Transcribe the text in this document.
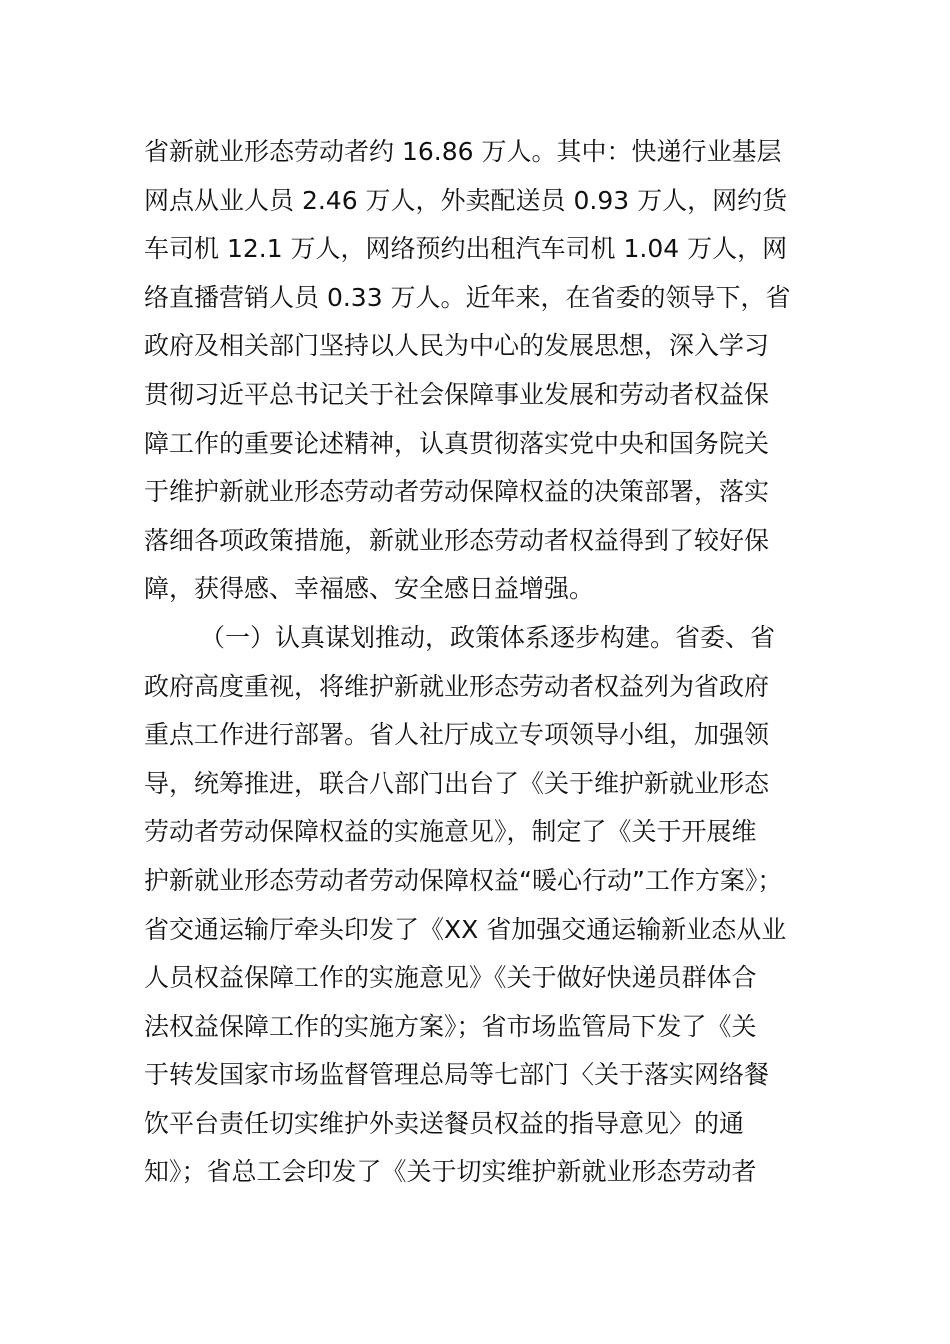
省新就业形态劳动者约 16.86 万人。其中：快递行业基层
网点从业人员 2.46 万人，外卖配送员 0.93 万人，网约货
车司机 12.1 万人，网络预约出租汽车司机 1.04 万人，网
络直播营销人员 0.33 万人。近年来，在省委的领导下，省
政府及相关部门坚持以人民为中心的发展思想，深入学习
贯彻习近平总书记关于社会保障事业发展和劳动者权益保
障工作的重要论述精神，认真贯彻落实党中央和国务院关
于维护新就业形态劳动者劳动保障权益的决策部署，落实
落细各项政策措施，新就业形态劳动者权益得到了较好保
障，获得感、幸福感、安全感日益增强。
（一）认真谋划推动，政策体系逐步构建。省委、省
政府高度重视，将维护新就业形态劳动者权益列为省政府
重点工作进行部署。省人社厅成立专项领导小组，加强领
导，统筹推进，联合八部门出台了《关于维护新就业形态
劳动者劳动保障权益的实施意见》，制定了《关于开展维
护新就业形态劳动者劳动保障权益“暖心行动”工作方案》；
省交通运输厅牵头印发了《XX 省加强交通运输新业态从业
人员权益保障工作的实施意见》《关于做好快递员群体合
法权益保障工作的实施方案》；省市场监管局下发了《关
于转发国家市场监督管理总局等七部门〈关于落实网络餐
饮平台责任切实维护外卖送餐员权益的指导意见〉的通
知》；省总工会印发了《关于切实维护新就业形态劳动者
